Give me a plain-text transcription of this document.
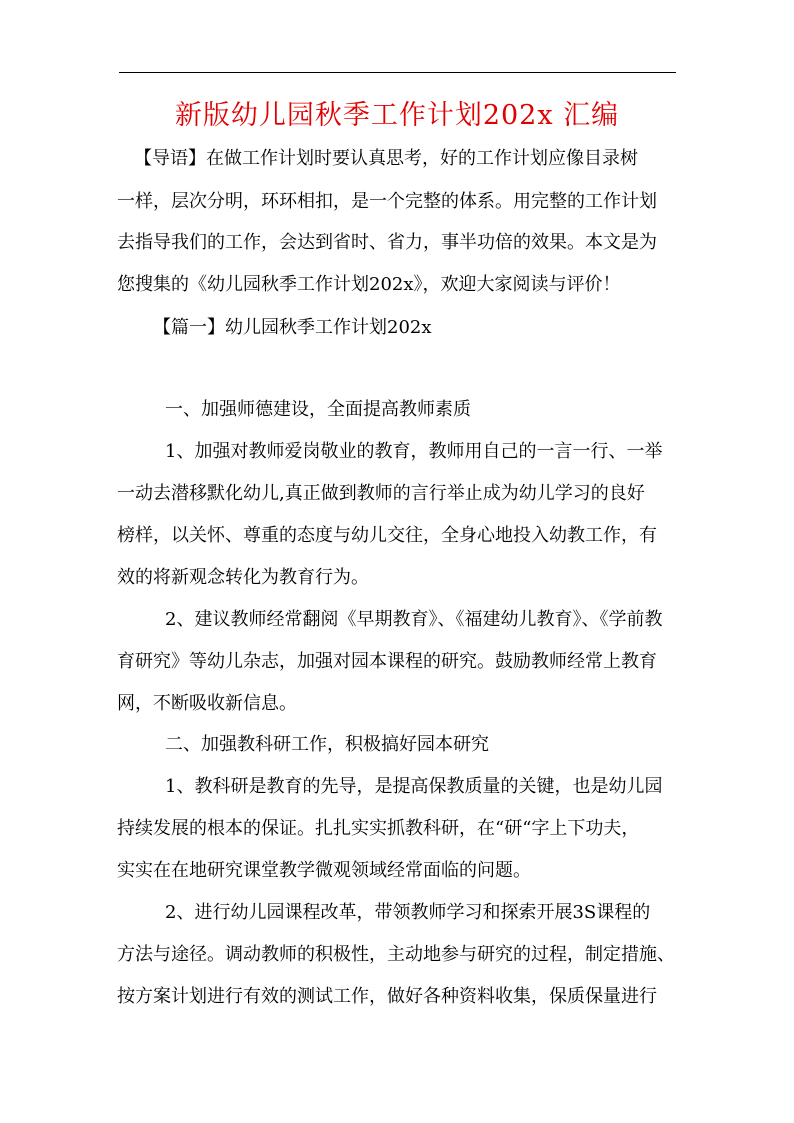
新版幼儿园秋季工作计划202x 汇编
【导语】在做工作计划时要认真思考，好的工作计划应像目录树
一样，层次分明，环环相扣，是一个完整的体系。用完整的工作计划
去指导我们的工作，会达到省时、省力，事半功倍的效果。本文是为
您搜集的《幼儿园秋季工作计划202x》，欢迎大家阅读与评价！
【篇一】幼儿园秋季工作计划202x
一、加强师德建设，全面提高教师素质
1、加强对教师爱岗敬业的教育，教师用自己的一言一行、一举
一动去潜移默化幼儿,真正做到教师的言行举止成为幼儿学习的良好
榜样，以关怀、尊重的态度与幼儿交往，全身心地投入幼教工作，有
效的将新观念转化为教育行为。
2、建议教师经常翻阅《早期教育》、《福建幼儿教育》、《学前教
育研究》等幼儿杂志，加强对园本课程的研究。鼓励教师经常上教育
网，不断吸收新信息。
二、加强教科研工作，积极搞好园本研究
1、教科研是教育的先导，是提高保教质量的关键，也是幼儿园
持续发展的根本的保证。扎扎实实抓教科研，在“研“字上下功夫，
实实在在地研究课堂教学微观领域经常面临的问题。
2、进行幼儿园课程改革，带领教师学习和探索开展3S课程的
方法与途径。调动教师的积极性，主动地参与研究的过程，制定措施、
按方案计划进行有效的测试工作，做好各种资料收集，保质保量进行
